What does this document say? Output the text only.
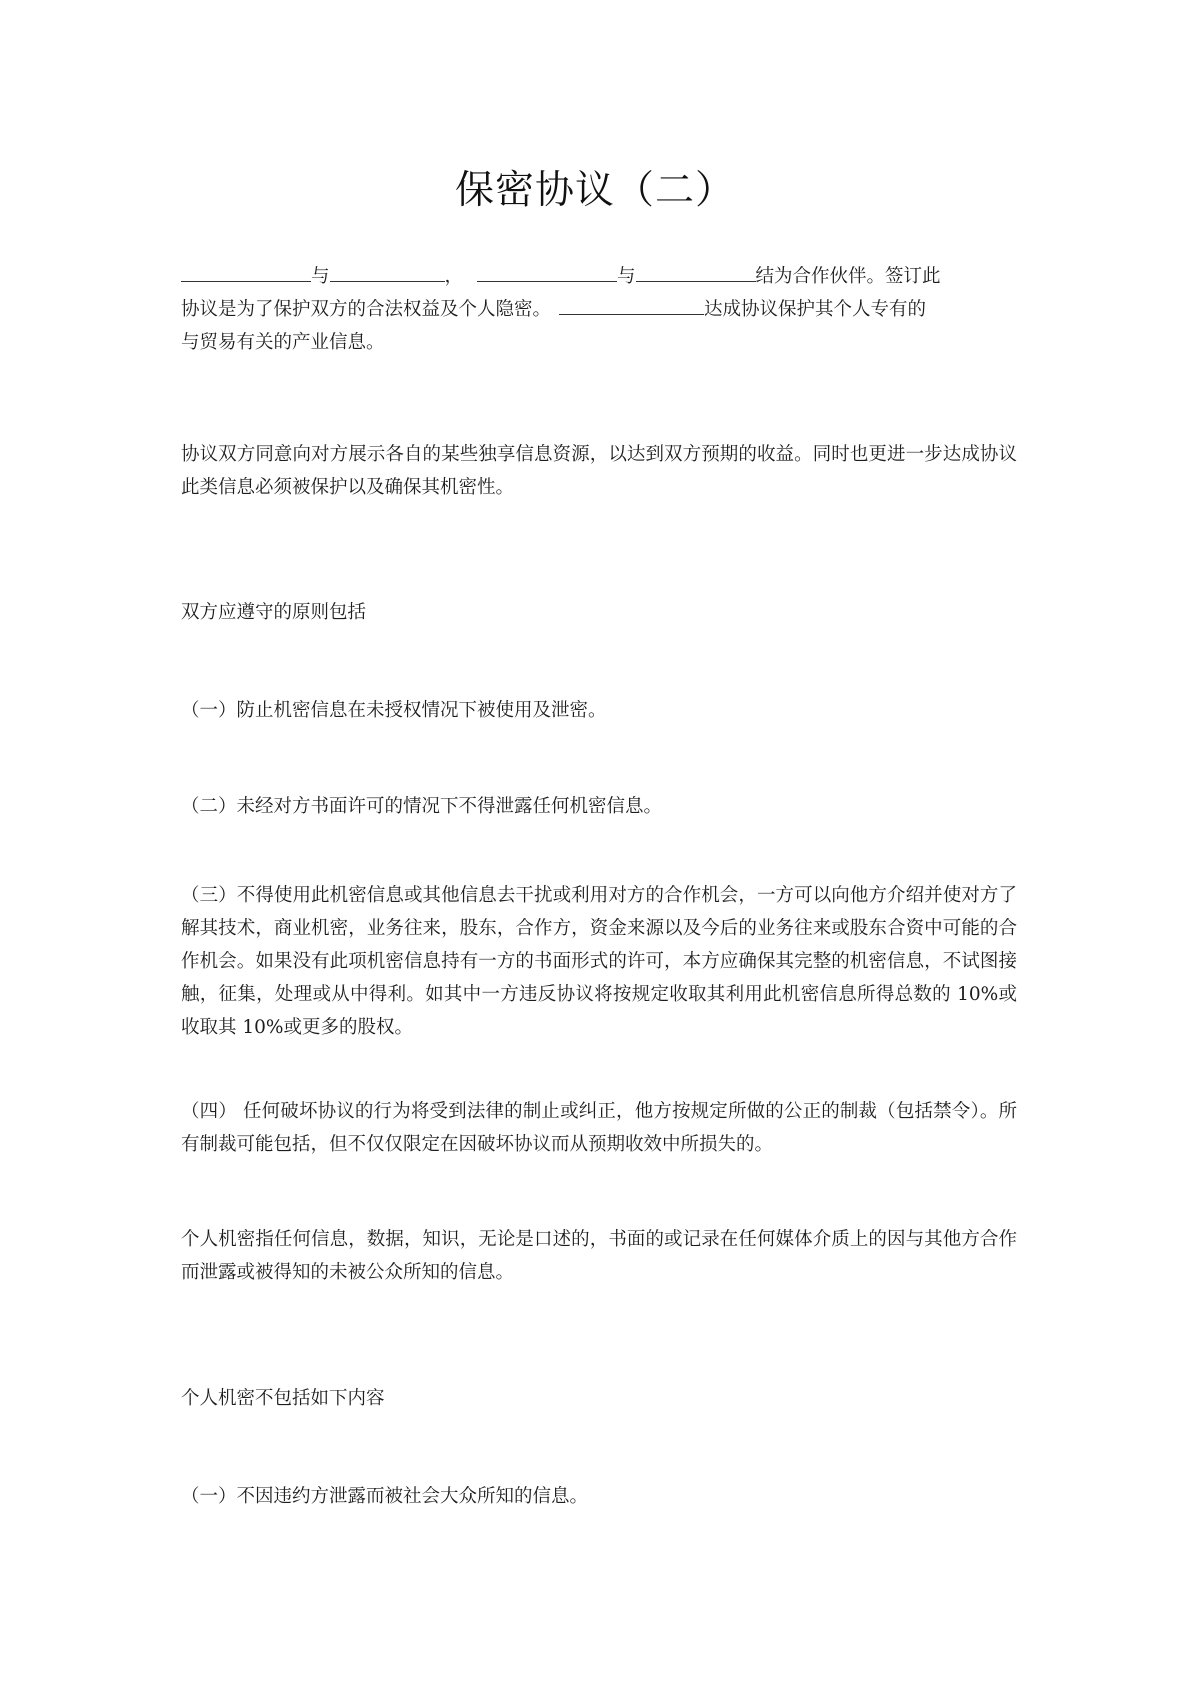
保密协议（二）
与	，	与	结为合作伙伴。签订此
协议是为了保护双方的合法权益及个人隐密。	达成协议保护其个人专有的
与贸易有关的产业信息。

协议双方同意向对方展示各自的某些独享信息资源，以达到双方预期的收益。同时也更进一步达成协议此类信息必须被保护以及确保其机密性。

双方应遵守的原则包括

（一）防止机密信息在未授权情况下被使用及泄密。

（二）未经对方书面许可的情况下不得泄露任何机密信息。

（三）不得使用此机密信息或其他信息去干扰或利用对方的合作机会，一方可以向他方介绍并使对方了解其技术，商业机密，业务往来，股东，合作方，资金来源以及今后的业务往来或股东合资中可能的合作机会。如果没有此项机密信息持有一方的书面形式的许可，本方应确保其完整的机密信息，不试图接触，征集，处理或从中得利。如其中一方违反协议将按规定收取其利用此机密信息所得总数的 10%或收取其 10%或更多的股权。

（四） 任何破坏协议的行为将受到法律的制止或纠正，他方按规定所做的公正的制裁（包括禁令）。所有制裁可能包括，但不仅仅限定在因破坏协议而从预期收效中所损失的。

个人机密指任何信息，数据，知识，无论是口述的，书面的或记录在任何媒体介质上的因与其他方合作而泄露或被得知的未被公众所知的信息。

个人机密不包括如下内容

（一）不因违约方泄露而被社会大众所知的信息。
